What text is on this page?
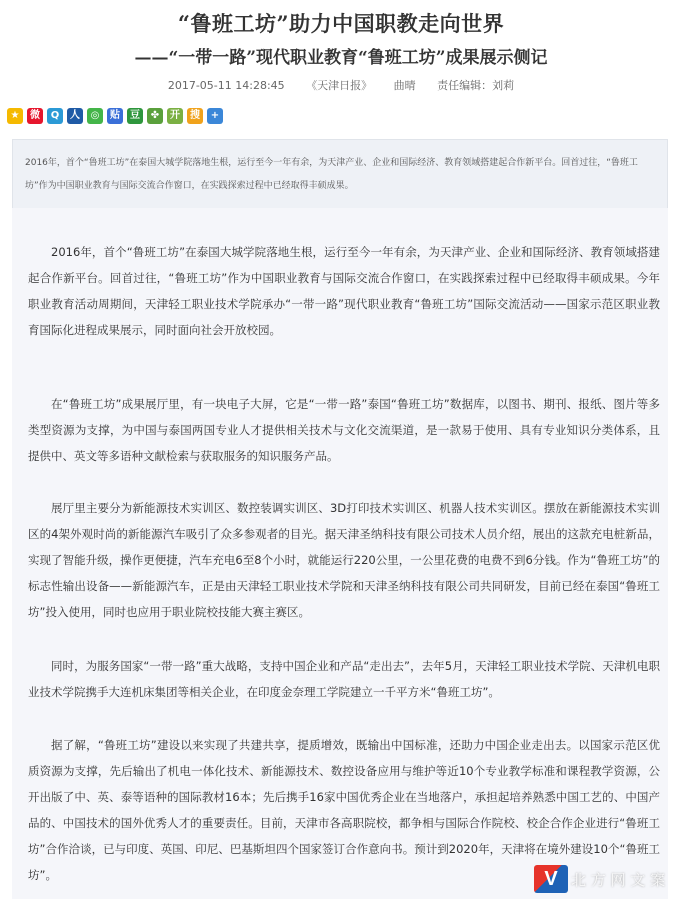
“鲁班工坊”助力中国职教走向世界
——“一带一路”现代职业教育“鲁班工坊”成果展示侧记
2017-05-11 14:28:45 《天津日报》 曲晴 责任编辑：刘莉
★	微	Q	人	◎	贴	豆	✤	开	搜	+

2016年，首个“鲁班工坊”在泰国大城学院落地生根，运行至今一年有余，为天津产业、企业和国际经济、教育领域搭建起合作新平台。回首过往，“鲁班工坊”作为中国职业教育与国际交流合作窗口，在实践探索过程中已经取得丰硕成果。

2016年，首个“鲁班工坊”在泰国大城学院落地生根，运行至今一年有余，为天津产业、企业和国际经济、教育领域搭建起合作新平台。回首过往，“鲁班工坊”作为中国职业教育与国际交流合作窗口，在实践探索过程中已经取得丰硕成果。今年职业教育活动周期间，天津轻工职业技术学院承办“一带一路”现代职业教育“鲁班工坊”国际交流活动——国家示范区职业教育国际化进程成果展示，同时面向社会开放校园。

在“鲁班工坊”成果展厅里，有一块电子大屏，它是“一带一路”泰国“鲁班工坊”数据库，以图书、期刊、报纸、图片等多类型资源为支撑，为中国与泰国两国专业人才提供相关技术与文化交流渠道，是一款易于使用、具有专业知识分类体系，且提供中、英文等多语种文献检索与获取服务的知识服务产品。

展厅里主要分为新能源技术实训区、数控装调实训区、3D打印技术实训区、机器人技术实训区。摆放在新能源技术实训区的4架外观时尚的新能源汽车吸引了众多参观者的目光。据天津圣纳科技有限公司技术人员介绍，展出的这款充电桩新品，实现了智能升级，操作更便捷，汽车充电6至8个小时，就能运行220公里，一公里花费的电费不到6分钱。作为“鲁班工坊”的标志性输出设备——新能源汽车，正是由天津轻工职业技术学院和天津圣纳科技有限公司共同研发，目前已经在泰国“鲁班工坊”投入使用，同时也应用于职业院校技能大赛主赛区。

同时，为服务国家“一带一路”重大战略，支持中国企业和产品“走出去”，去年5月，天津轻工职业技术学院、天津机电职业技术学院携手大连机床集团等相关企业，在印度金奈理工学院建立一千平方米“鲁班工坊”。

据了解，“鲁班工坊”建设以来实现了共建共享，提质增效，既输出中国标准，还助力中国企业走出去。以国家示范区优质资源为支撑，先后输出了机电一体化技术、新能源技术、数控设备应用与维护等近10个专业教学标准和课程教学资源，公开出版了中、英、泰等语种的国际教材16本；先后携手16家中国优秀企业在当地落户，承担起培养熟悉中国工艺的、中国产品的、中国技术的国外优秀人才的重要责任。目前，天津市各高职院校，都争相与国际合作院校、校企合作企业进行“鲁班工坊”合作洽谈，已与印度、英国、印尼、巴基斯坦四个国家签订合作意向书。预计到2020年，天津将在境外建设10个“鲁班工坊”。	V 北 方 网 文 案
